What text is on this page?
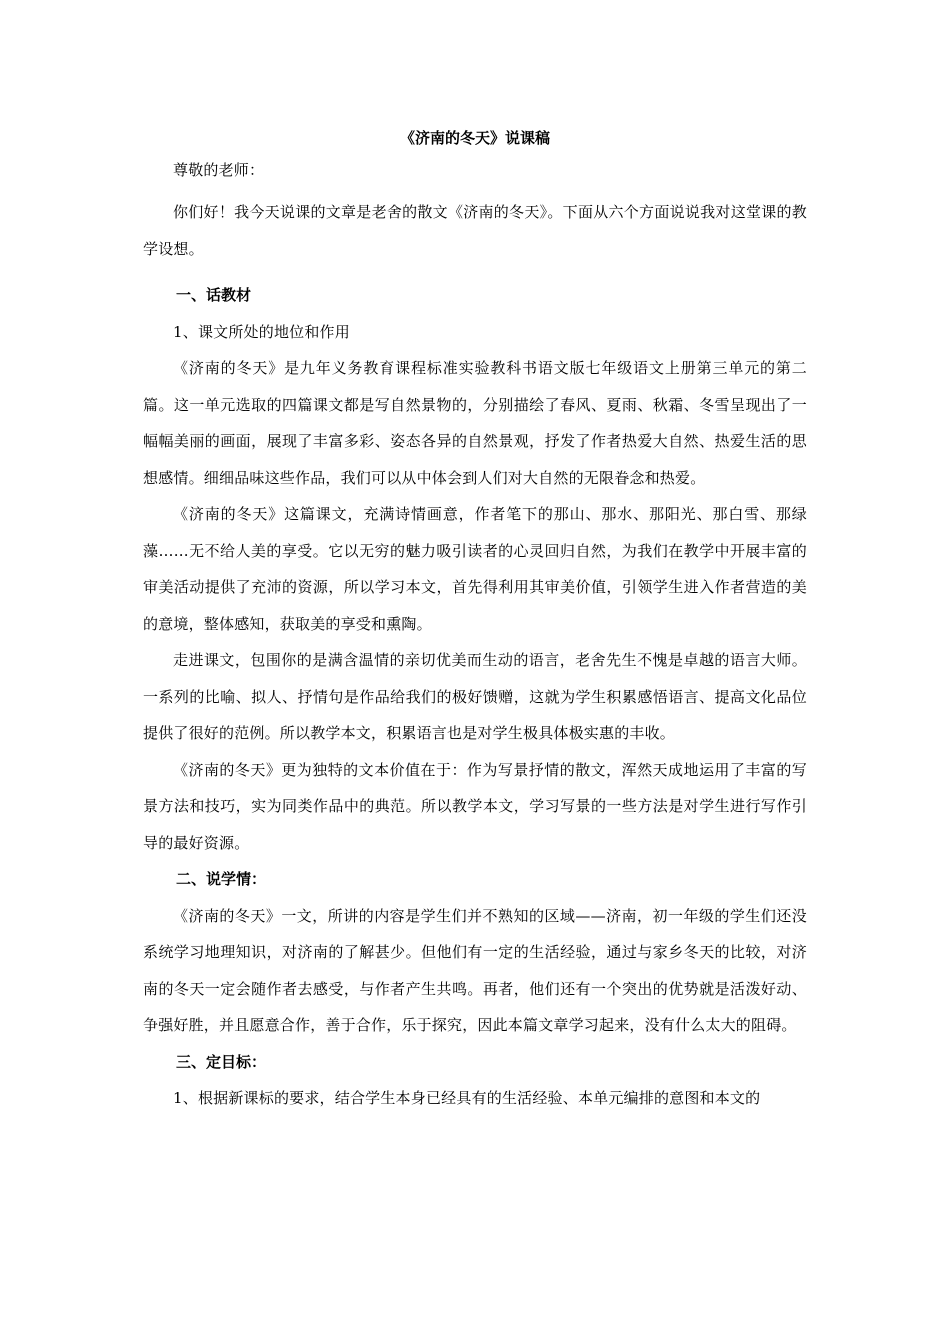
《济南的冬天》说课稿

尊敬的老师：

你们好！我今天说课的文章是老舍的散文《济南的冬天》。下面从六个方面说说我对这堂课的教学设想。

一、话教材

1、课文所处的地位和作用

《济南的冬天》是九年义务教育课程标准实验教科书语文版七年级语文上册第三单元的第二篇。这一单元选取的四篇课文都是写自然景物的，分别描绘了春风、夏雨、秋霜、冬雪呈现出了一幅幅美丽的画面，展现了丰富多彩、姿态各异的自然景观，抒发了作者热爱大自然、热爱生活的思想感情。细细品味这些作品，我们可以从中体会到人们对大自然的无限眷念和热爱。

《济南的冬天》这篇课文，充满诗情画意，作者笔下的那山、那水、那阳光、那白雪、那绿藻……无不给人美的享受。它以无穷的魅力吸引读者的心灵回归自然，为我们在教学中开展丰富的审美活动提供了充沛的资源，所以学习本文，首先得利用其审美价值，引领学生进入作者营造的美的意境，整体感知，获取美的享受和熏陶。

走进课文，包围你的是满含温情的亲切优美而生动的语言，老舍先生不愧是卓越的语言大师。一系列的比喻、拟人、抒情句是作品给我们的极好馈赠，这就为学生积累感悟语言、提高文化品位提供了很好的范例。所以教学本文，积累语言也是对学生极具体极实惠的丰收。

《济南的冬天》更为独特的文本价值在于：作为写景抒情的散文，浑然天成地运用了丰富的写景方法和技巧，实为同类作品中的典范。所以教学本文，学习写景的一些方法是对学生进行写作引导的最好资源。

二、说学情：

《济南的冬天》一文，所讲的内容是学生们并不熟知的区域——济南，初一年级的学生们还没系统学习地理知识，对济南的了解甚少。但他们有一定的生活经验，通过与家乡冬天的比较，对济南的冬天一定会随作者去感受，与作者产生共鸣。再者，他们还有一个突出的优势就是活泼好动、争强好胜，并且愿意合作，善于合作，乐于探究，因此本篇文章学习起来，没有什么太大的阻碍。

三、定目标：

1、根据新课标的要求，结合学生本身已经具有的生活经验、本单元编排的意图和本文的
